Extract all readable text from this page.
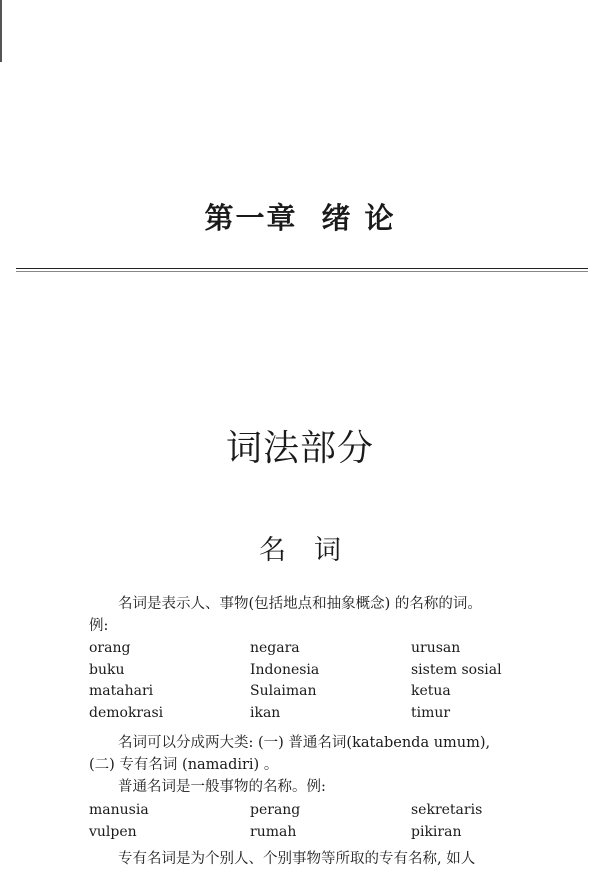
第一章 绪 论
词法部分
名 词

名词是表示人、事物(包括地点和抽象概念) 的名称的词。

例:

orang	negara	urusan
buku	Indonesia	sistem sosial
matahari	Sulaiman	ketua
demokrasi	ikan	timur

名词可以分成两大类: (一) 普通名词(katabenda umum),

(二) 专有名词 (namadiri) 。

普通名词是一般事物的名称。例:

manusia	perang	sekretaris
vulpen	rumah	pikiran

专有名词是为个别人、个别事物等所取的专有名称, 如人
